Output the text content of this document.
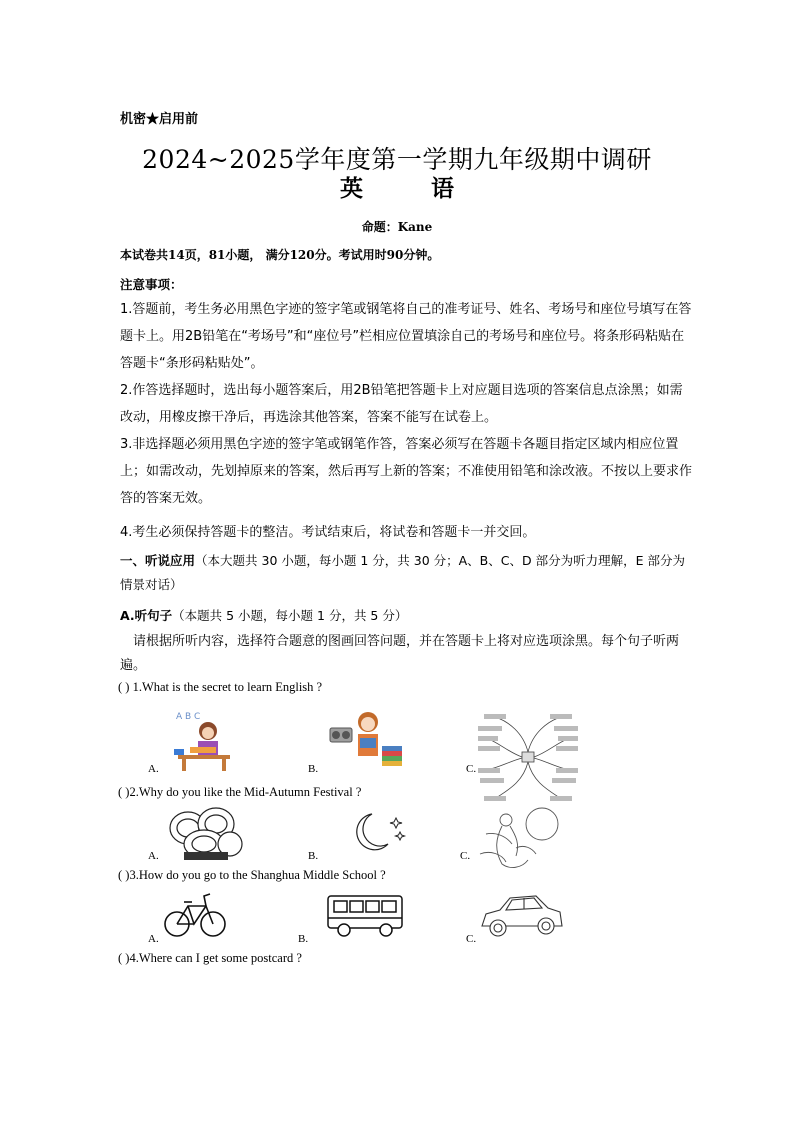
机密★启用前
2024~2025学年度第一学期九年级期中调研
英 语
命题：Kane
本试卷共14页，81小题， 满分120分。考试用时90分钟。
注意事项：
1.答题前，考生务必用黑色字迹的签字笔或钢笔将自己的准考证号、姓名、考场号和座位号填写在答题卡上。用2B铅笔在“考场号”和“座位号”栏相应位置填涂自己的考场号和座位号。将条形码粘贴在答题卡“条形码粘贴处”。
2.作答选择题时，选出每小题答案后，用2B铅笔把答题卡上对应题目选项的答案信息点涂黑；如需改动，用橡皮擦干净后，再选涂其他答案，答案不能写在试卷上。
3.非选择题必须用黑色字迹的签字笔或钢笔作答，答案必须写在答题卡各题目指定区域内相应位置上；如需改动，先划掉原来的答案，然后再写上新的答案；不准使用铅笔和涂改液。不按以上要求作答的答案无效。
4.考生必须保持答题卡的整洁。考试结束后，将试卷和答题卡一并交回。
一、听说应用（本大题共 30 小题，每小题 1 分，共 30 分；A、B、C、D 部分为听力理解，E 部分为情景对话）
A.听句子（本题共 5 小题，每小题 1 分，共 5 分）
请根据所听内容，选择符合题意的图画回答问题，并在答题卡上将对应选项涂黑。每个句子听两遍。
( ) 1.What is the secret to learn English ?
A.
A B C
B.	C.
( )2.Why do you like the Mid-Autumn Festival ?
A.	B.	C.
( )3.How do you go to the Shanghua Middle School ?
A.	B.	C.
( )4.Where can I get some postcard ?
